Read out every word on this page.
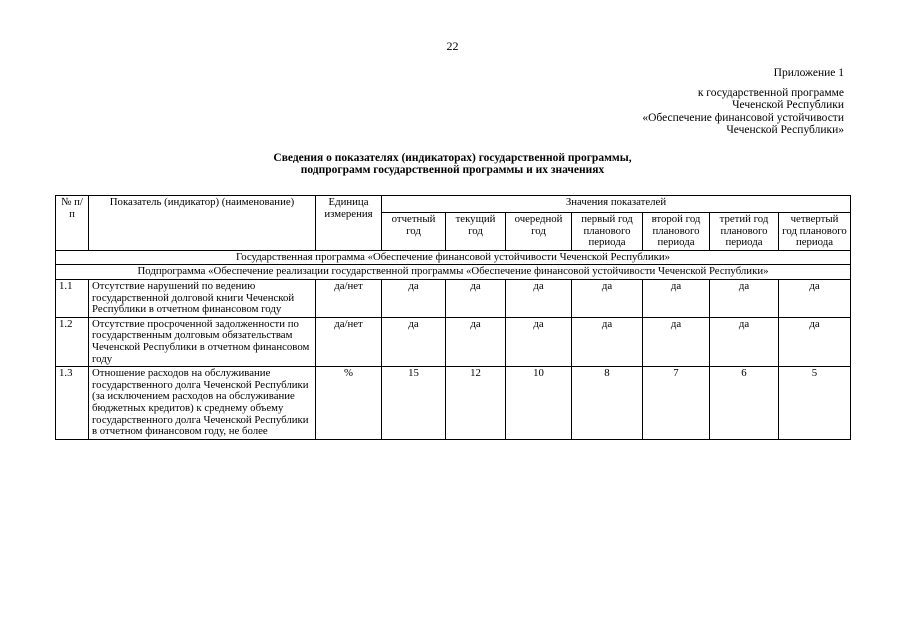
22
Приложение 1
к государственной программе
Чеченской Республики
«Обеспечение финансовой устойчивости
Чеченской Республики»
Сведения о показателях (индикаторах) государственной программы,
подпрограмм государственной программы и их значениях
№ п/п	Показатель (индикатор) (наименование)	Единица измерения	Значения показателей						
			отчетный год	текущий год	очередной год	первый год планового периода	второй год планового периода	третий год планового периода	четвертый год планового периода
Государственная программа «Обеспечение финансовой устойчивости Чеченской Республики»									
Подпрограмма «Обеспечение реализации государственной программы «Обеспечение финансовой устойчивости Чеченской Республики»									
1.1	Отсутствие нарушений по ведению государственной долговой книги Чеченской Республики в отчетном финансовом году	да/нет	да	да	да	да	да	да	да
1.2	Отсутствие просроченной задолженности по государственным долговым обязательствам Чеченской Республики в отчетном финансовом году	да/нет	да	да	да	да	да	да	да
1.3	Отношение расходов на обслуживание государственного долга Чеченской Республики (за исключением расходов на обслуживание бюджетных кредитов) к среднему объему государственного долга Чеченской Республики в отчетном финансовом году, не более	%	15	12	10	8	7	6	5
